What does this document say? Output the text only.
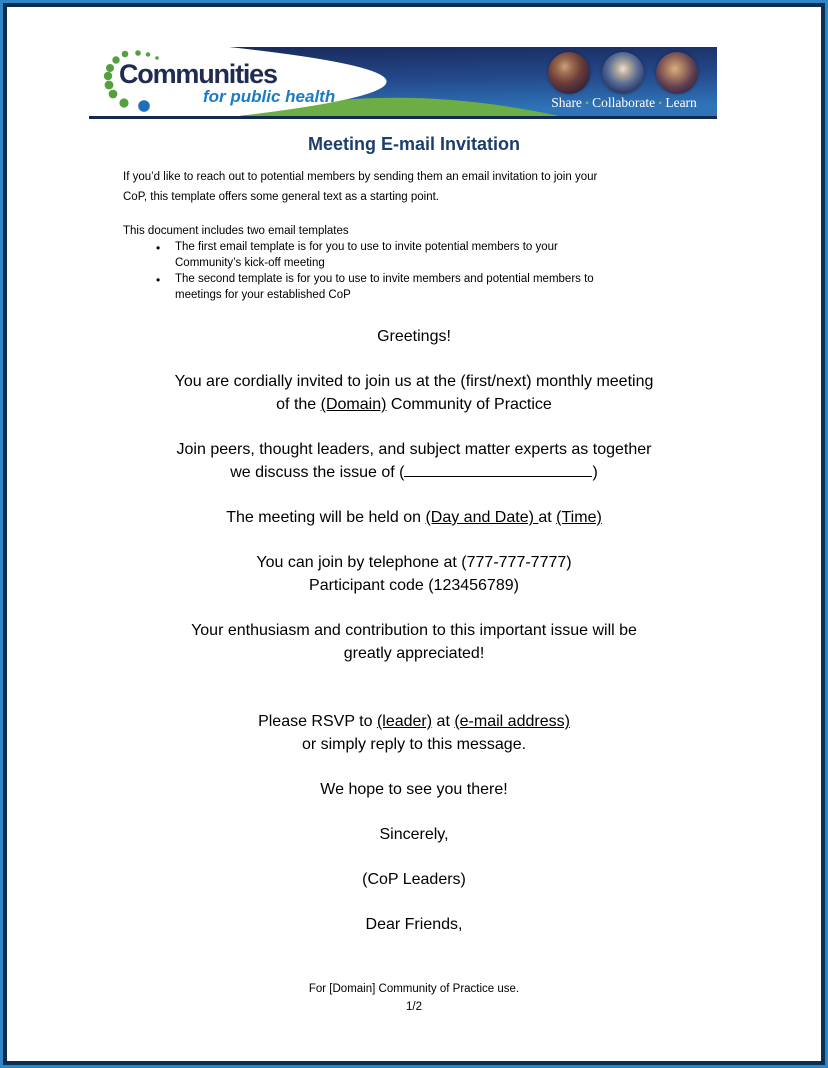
Communities
for public health	Share • Collaborate • Learn
Meeting E-mail Invitation

If you’d like to reach out to potential members by sending them an email invitation to join your
CoP, this template offers some general text as a starting point.

This document includes two email templates

• The first email template is for you to use to invite potential members to your
Community’s kick-off meeting
• The second template is for you to use to invite members and potential members to
meetings for your established CoP

Greetings!

You are cordially invited to join us at the (first/next) monthly meeting
of the (Domain) Community of Practice

Join peers, thought leaders, and subject matter experts as together
we discuss the issue of (	)

The meeting will be held on (Day and Date) at (Time)

You can join by telephone at (777-777-7777)
Participant code (123456789)

Your enthusiasm and contribution to this important issue will be
greatly appreciated!

Please RSVP to (leader) at (e-mail address)
or simply reply to this message.

We hope to see you there!

Sincerely,

(CoP Leaders)

Dear Friends,

For [Domain] Community of Practice use.
1/2
